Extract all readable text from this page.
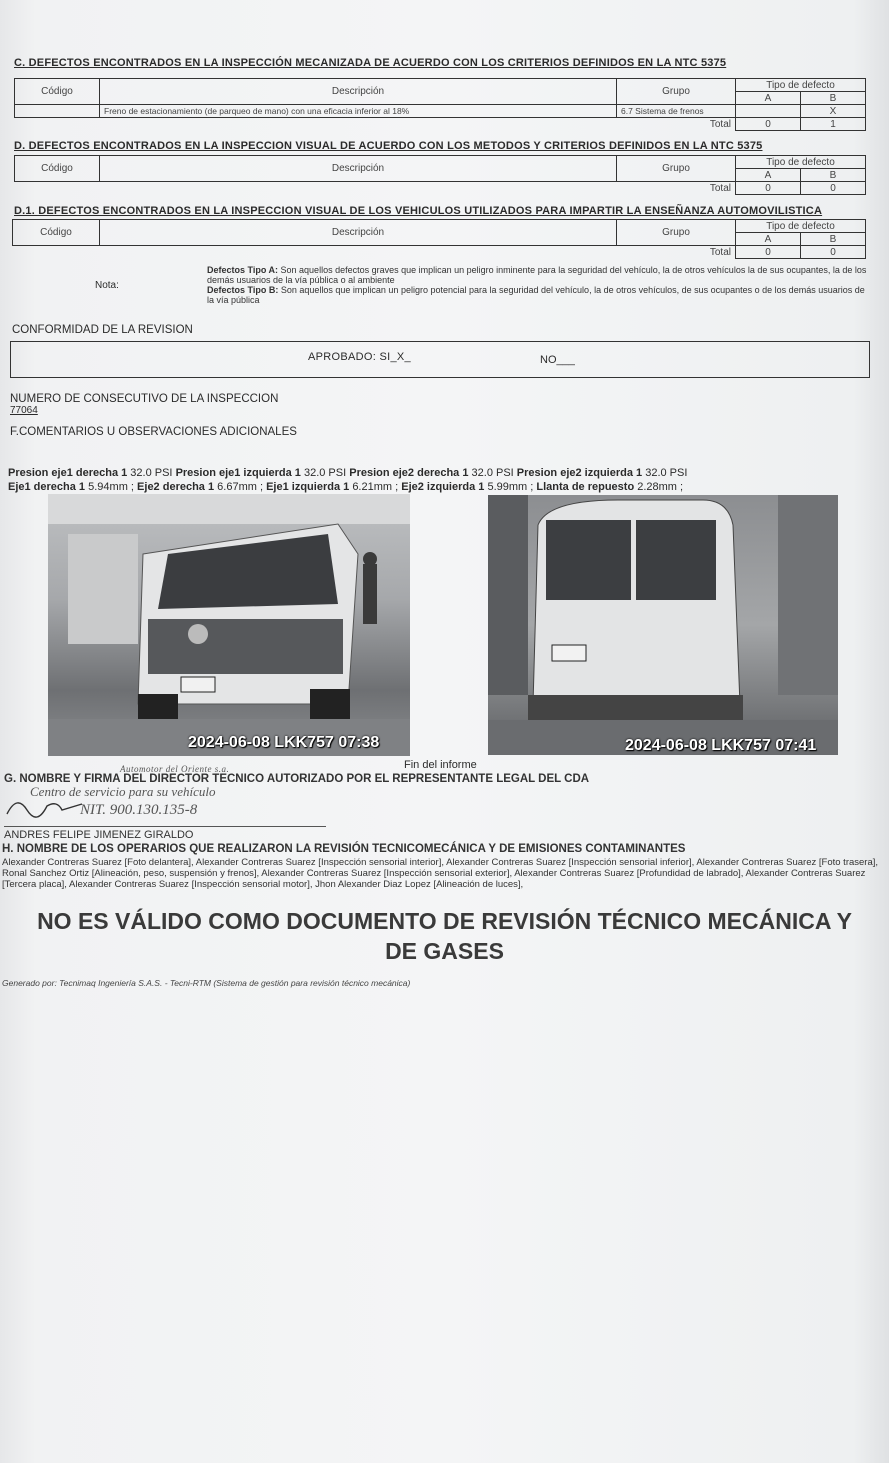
C. DEFECTOS ENCONTRADOS EN LA INSPECCIÓN MECANIZADA DE ACUERDO CON LOS CRITERIOS DEFINIDOS EN LA NTC 5375
Código	Descripción	Grupo	Tipo de defecto	
			A	B
	Freno de estacionamiento (de parqueo de mano) con una eficacia inferior al 18%	6.7 Sistema de frenos		X
		Total	0	1
D. DEFECTOS ENCONTRADOS EN LA INSPECCION VISUAL DE ACUERDO CON LOS METODOS Y CRITERIOS DEFINIDOS EN LA NTC 5375
Código	Descripción	Grupo	Tipo de defecto	
			A	B
		Total	0	0
D.1. DEFECTOS ENCONTRADOS EN LA INSPECCION VISUAL DE LOS VEHICULOS UTILIZADOS PARA IMPARTIR LA ENSEÑANZA AUTOMOVILISTICA
Código	Descripción	Grupo	Tipo de defecto	
			A	B
		Total	0	0
Nota:
Defectos Tipo A: Son aquellos defectos graves que implican un peligro inminente para la seguridad del vehículo, la de otros vehículos la de sus ocupantes, la de los demás usuarios de la vía pública o al ambiente
Defectos Tipo B: Son aquellos que implican un peligro potencial para la seguridad del vehículo, la de otros vehículos, de sus ocupantes o de los demás usuarios de la vía pública
CONFORMIDAD DE LA REVISION
APROBADO: SI_X_	NO___
NUMERO DE CONSECUTIVO DE LA INSPECCION
77064
F.COMENTARIOS U OBSERVACIONES ADICIONALES
Presion eje1 derecha 1 32.0 PSI Presion eje1 izquierda 1 32.0 PSI Presion eje2 derecha 1 32.0 PSI Presion eje2 izquierda 1 32.0 PSI
Eje1 derecha 1 5.94mm ; Eje2 derecha 1 6.67mm ; Eje1 izquierda 1 6.21mm ; Eje2 izquierda 1 5.99mm ; Llanta de repuesto 2.28mm ;
2024-06-08 LKK757 07:38	2024-06-08 LKK757 07:41
Fin del informe
G. NOMBRE Y FIRMA DEL DIRECTOR TECNICO AUTORIZADO POR EL REPRESENTANTE LEGAL DEL CDA
Automotor del Oriente s.a.
Centro de servicio para su vehículo
NIT. 900.130.135-8
ANDRES FELIPE JIMENEZ GIRALDO
H. NOMBRE DE LOS OPERARIOS QUE REALIZARON LA REVISIÓN TECNICOMECÁNICA Y DE EMISIONES CONTAMINANTES
Alexander Contreras Suarez [Foto delantera], Alexander Contreras Suarez [Inspección sensorial interior], Alexander Contreras Suarez [Inspección sensorial inferior], Alexander Contreras Suarez [Foto trasera], Ronal Sanchez Ortiz [Alineación, peso, suspensión y frenos], Alexander Contreras Suarez [Inspección sensorial exterior], Alexander Contreras Suarez [Profundidad de labrado], Alexander Contreras Suarez [Tercera placa], Alexander Contreras Suarez [Inspección sensorial motor], Jhon Alexander Diaz Lopez [Alineación de luces],
NO ES VÁLIDO COMO DOCUMENTO DE REVISIÓN TÉCNICO MECÁNICA Y
DE GASES
Generado por: Tecnimaq Ingeniería S.A.S. - Tecni-RTM (Sistema de gestión para revisión técnico mecánica)
